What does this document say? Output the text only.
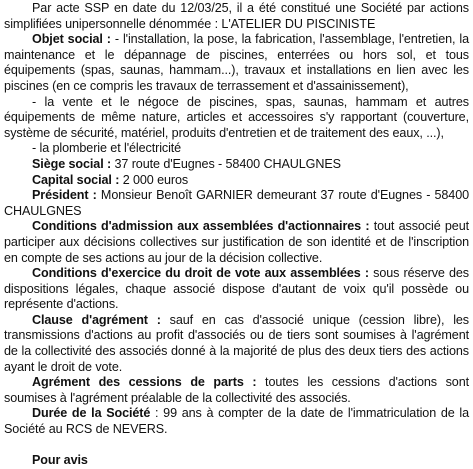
Par acte SSP en date du 12/03/25, il a été constitué une Société par actions simplifiées unipersonnelle dénommée : L'ATELIER DU PISCINISTE

Objet social : - l'installation, la pose, la fabrication, l'assemblage, l'entretien, la maintenance et le dépannage de piscines, enterrées ou hors sol, et tous équipements (spas, saunas, hammam...), travaux et installations en lien avec les piscines (en ce compris les travaux de terrassement et d'assainissement),

- la vente et le négoce de piscines, spas, saunas, hammam et autres équipements de même nature, articles et accessoires s'y rapportant (couverture, système de sécurité, matériel, produits d'entretien et de traitement des eaux, ...),

- la plomberie et l'électricité

Siège social : 37 route d'Eugnes - 58400 CHAULGNES

Capital social : 2 000 euros

Président : Monsieur Benoît GARNIER demeurant 37 route d'Eugnes - 58400 CHAULGNES

Conditions d'admission aux assemblées d'actionnaires : tout associé peut participer aux décisions collectives sur justification de son identité et de l'inscription en compte de ses actions au jour de la décision collective.

Conditions d'exercice du droit de vote aux assemblées : sous réserve des dispositions légales, chaque associé dispose d'autant de voix qu'il possède ou représente d'actions.

Clause d'agrément : sauf en cas d'associé unique (cession libre), les transmissions d'actions au profit d'associés ou de tiers sont soumises à l'agrément de la collectivité des associés donné à la majorité de plus des deux tiers des actions ayant le droit de vote.

Agrément des cessions de parts : toutes les cessions d'actions sont soumises à l'agrément préalable de la collectivité des associés.

Durée de la Société : 99 ans à compter de la date de l'immatriculation de la Société au RCS de NEVERS.

Pour avis
